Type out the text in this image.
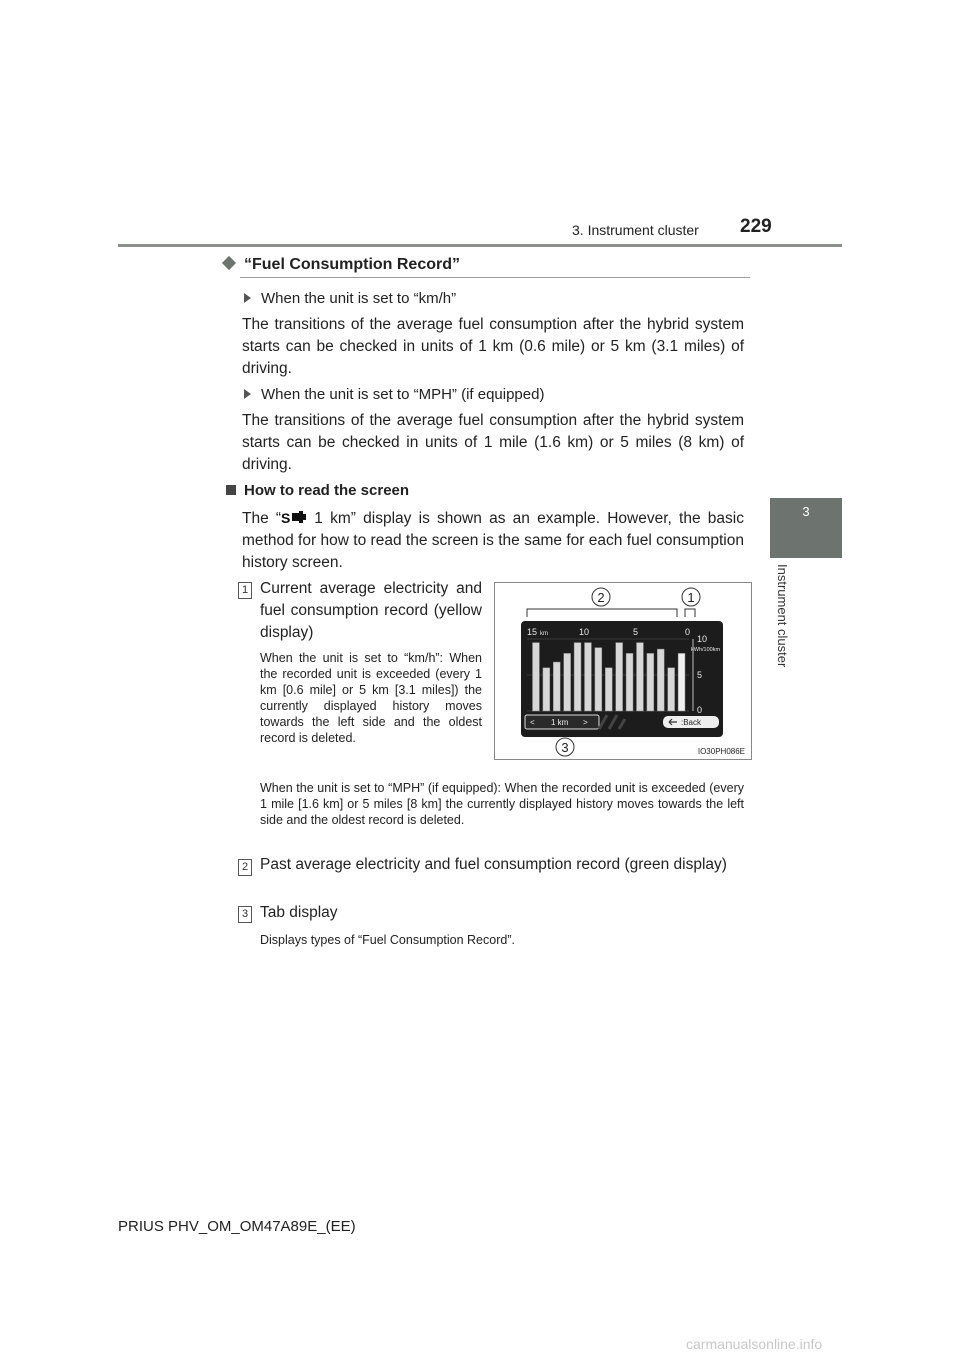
3. Instrument cluster 229
3
Instrument cluster
“Fuel Consumption Record”
When the unit is set to “km/h”
The transitions of the average fuel consumption after the hybrid system starts can be checked in units of 1 km (0.6 mile) or 5 km (3.1 miles) of driving.
When the unit is set to “MPH” (if equipped)
The transitions of the average fuel consumption after the hybrid system starts can be checked in units of 1 mile (1.6 km) or 5 miles (8 km) of driving.
How to read the screen
The “ S 1 km” display is shown as an example. However, the basic method for how to read the screen is the same for each fuel consumption history screen.
1 Current average electricity and fuel consumption record (yellow display)
When the unit is set to “km/h”: When the recorded unit is exceeded (every 1 km [0.6 mile] or 5 km [3.1 miles]) the currently displayed history moves towards the left side and the oldest record is deleted.
When the unit is set to “MPH” (if equipped): When the recorded unit is exceeded (every 1 mile [1.6 km] or 5 miles [8 km] the currently displayed history moves towards the left side and the oldest record is deleted.
2	1
3
15 km	10	5	0
10
kWh/100km
5
0
< 1 km >	:Back
IO30PH086E
2 Past average electricity and fuel consumption record (green display)
3 Tab display
Displays types of “Fuel Consumption Record”.
PRIUS PHV_OM_OM47A89E_(EE)
carmanualsonline.info
